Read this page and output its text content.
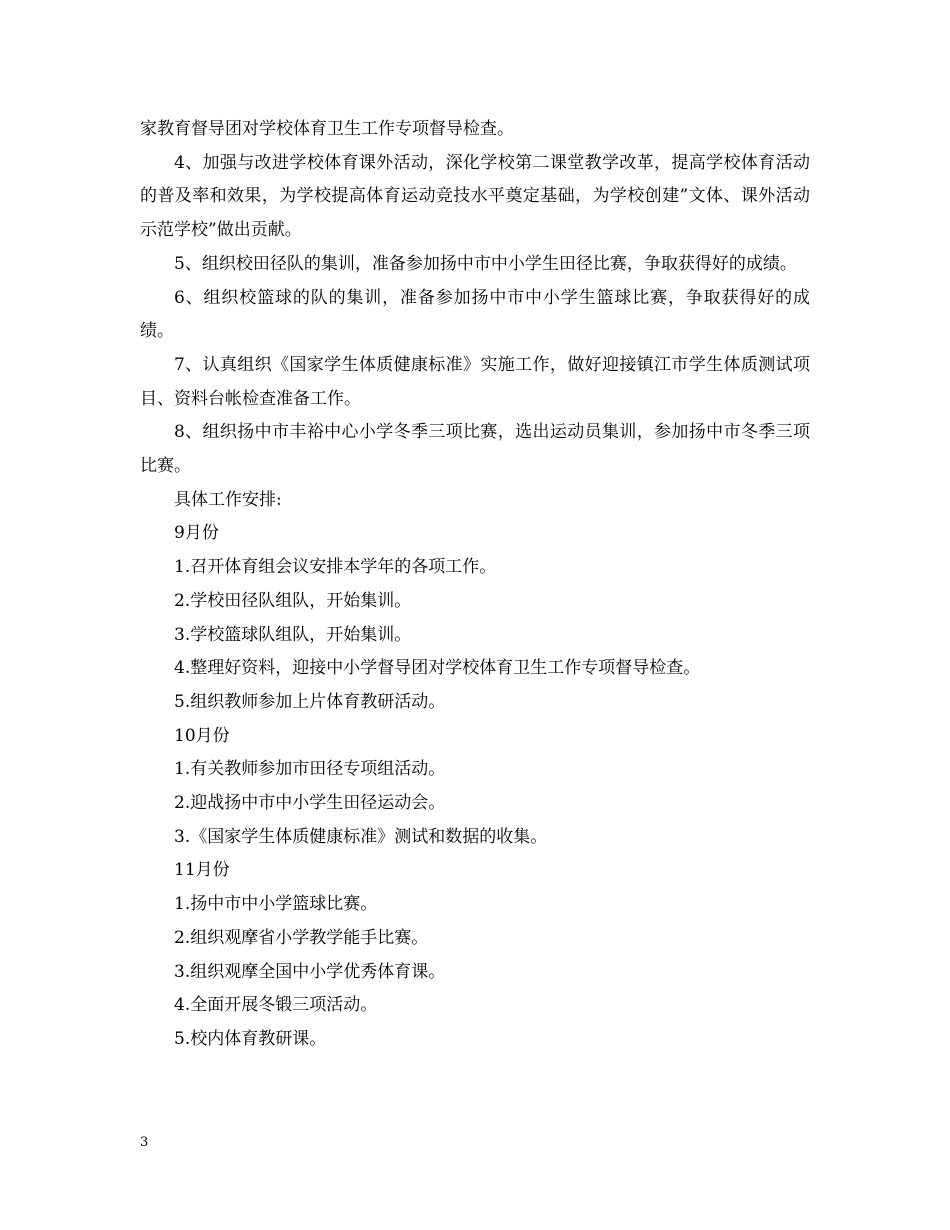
家教育督导团对学校体育卫生工作专项督导检查。

4、加强与改进学校体育课外活动，深化学校第二课堂教学改革，提高学校体育活动的普及率和效果，为学校提高体育运动竞技水平奠定基础，为学校创建”文体、课外活动示范学校”做出贡献。

5、组织校田径队的集训，准备参加扬中市中小学生田径比赛，争取获得好的成绩。

6、组织校篮球的队的集训，准备参加扬中市中小学生篮球比赛，争取获得好的成绩。

7、认真组织《国家学生体质健康标准》实施工作，做好迎接镇江市学生体质测试项目、资料台帐检查准备工作。

8、组织扬中市丰裕中心小学冬季三项比赛，选出运动员集训，参加扬中市冬季三项比赛。

具体工作安排:

9月份

1.召开体育组会议安排本学年的各项工作。

2.学校田径队组队，开始集训。

3.学校篮球队组队，开始集训。

4.整理好资料，迎接中小学督导团对学校体育卫生工作专项督导检查。

5.组织教师参加上片体育教研活动。

10月份

1.有关教师参加市田径专项组活动。

2.迎战扬中市中小学生田径运动会。

3.《国家学生体质健康标准》测试和数据的收集。

11月份

1.扬中市中小学篮球比赛。

2.组织观摩省小学教学能手比赛。

3.组织观摩全国中小学优秀体育课。

4.全面开展冬锻三项活动。

5.校内体育教研课。

3
